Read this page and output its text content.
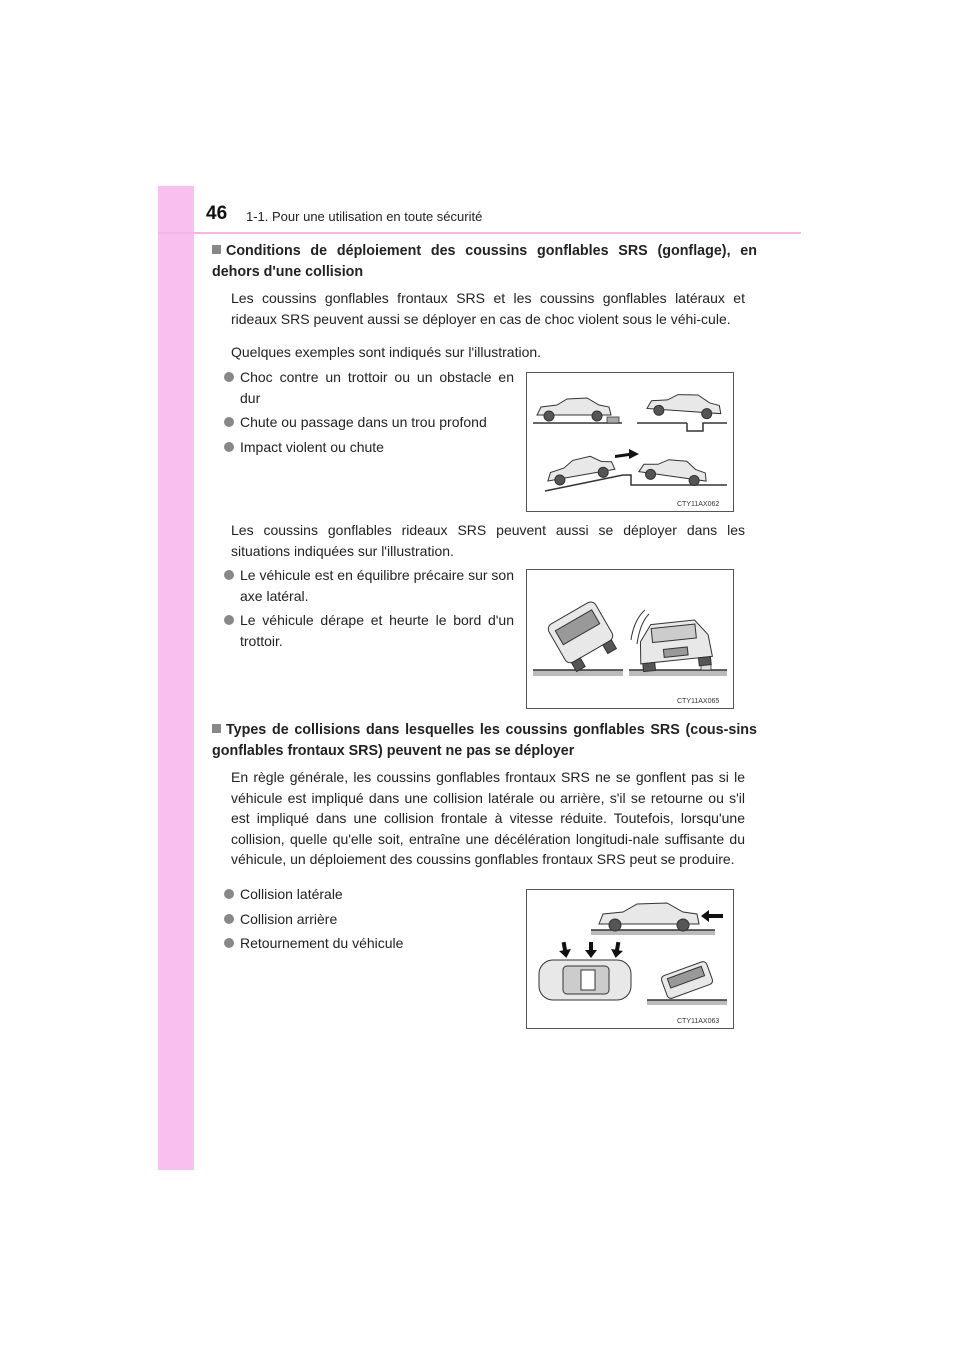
46 1-1. Pour une utilisation en toute sécurité
Conditions de déploiement des coussins gonflables SRS (gonflage), en dehors d'une collision
Les coussins gonflables frontaux SRS et les coussins gonflables latéraux et rideaux SRS peuvent aussi se déployer en cas de choc violent sous le véhi-cule.
Quelques exemples sont indiqués sur l'illustration.
Choc contre un trottoir ou un obstacle en dur
Chute ou passage dans un trou profond
Impact violent ou chute
CTY11AX062
Les coussins gonflables rideaux SRS peuvent aussi se déployer dans les situations indiquées sur l'illustration.
Le véhicule est en équilibre précaire sur son axe latéral.
Le véhicule dérape et heurte le bord d'un trottoir.
CTY11AX065
Types de collisions dans lesquelles les coussins gonflables SRS (cous-sins gonflables frontaux SRS) peuvent ne pas se déployer
En règle générale, les coussins gonflables frontaux SRS ne se gonflent pas si le véhicule est impliqué dans une collision latérale ou arrière, s'il se retourne ou s'il est impliqué dans une collision frontale à vitesse réduite. Toutefois, lorsqu'une collision, quelle qu'elle soit, entraîne une décélération longitudi-nale suffisante du véhicule, un déploiement des coussins gonflables frontaux SRS peut se produire.
Collision latérale
Collision arrière
Retournement du véhicule
CTY11AX063
